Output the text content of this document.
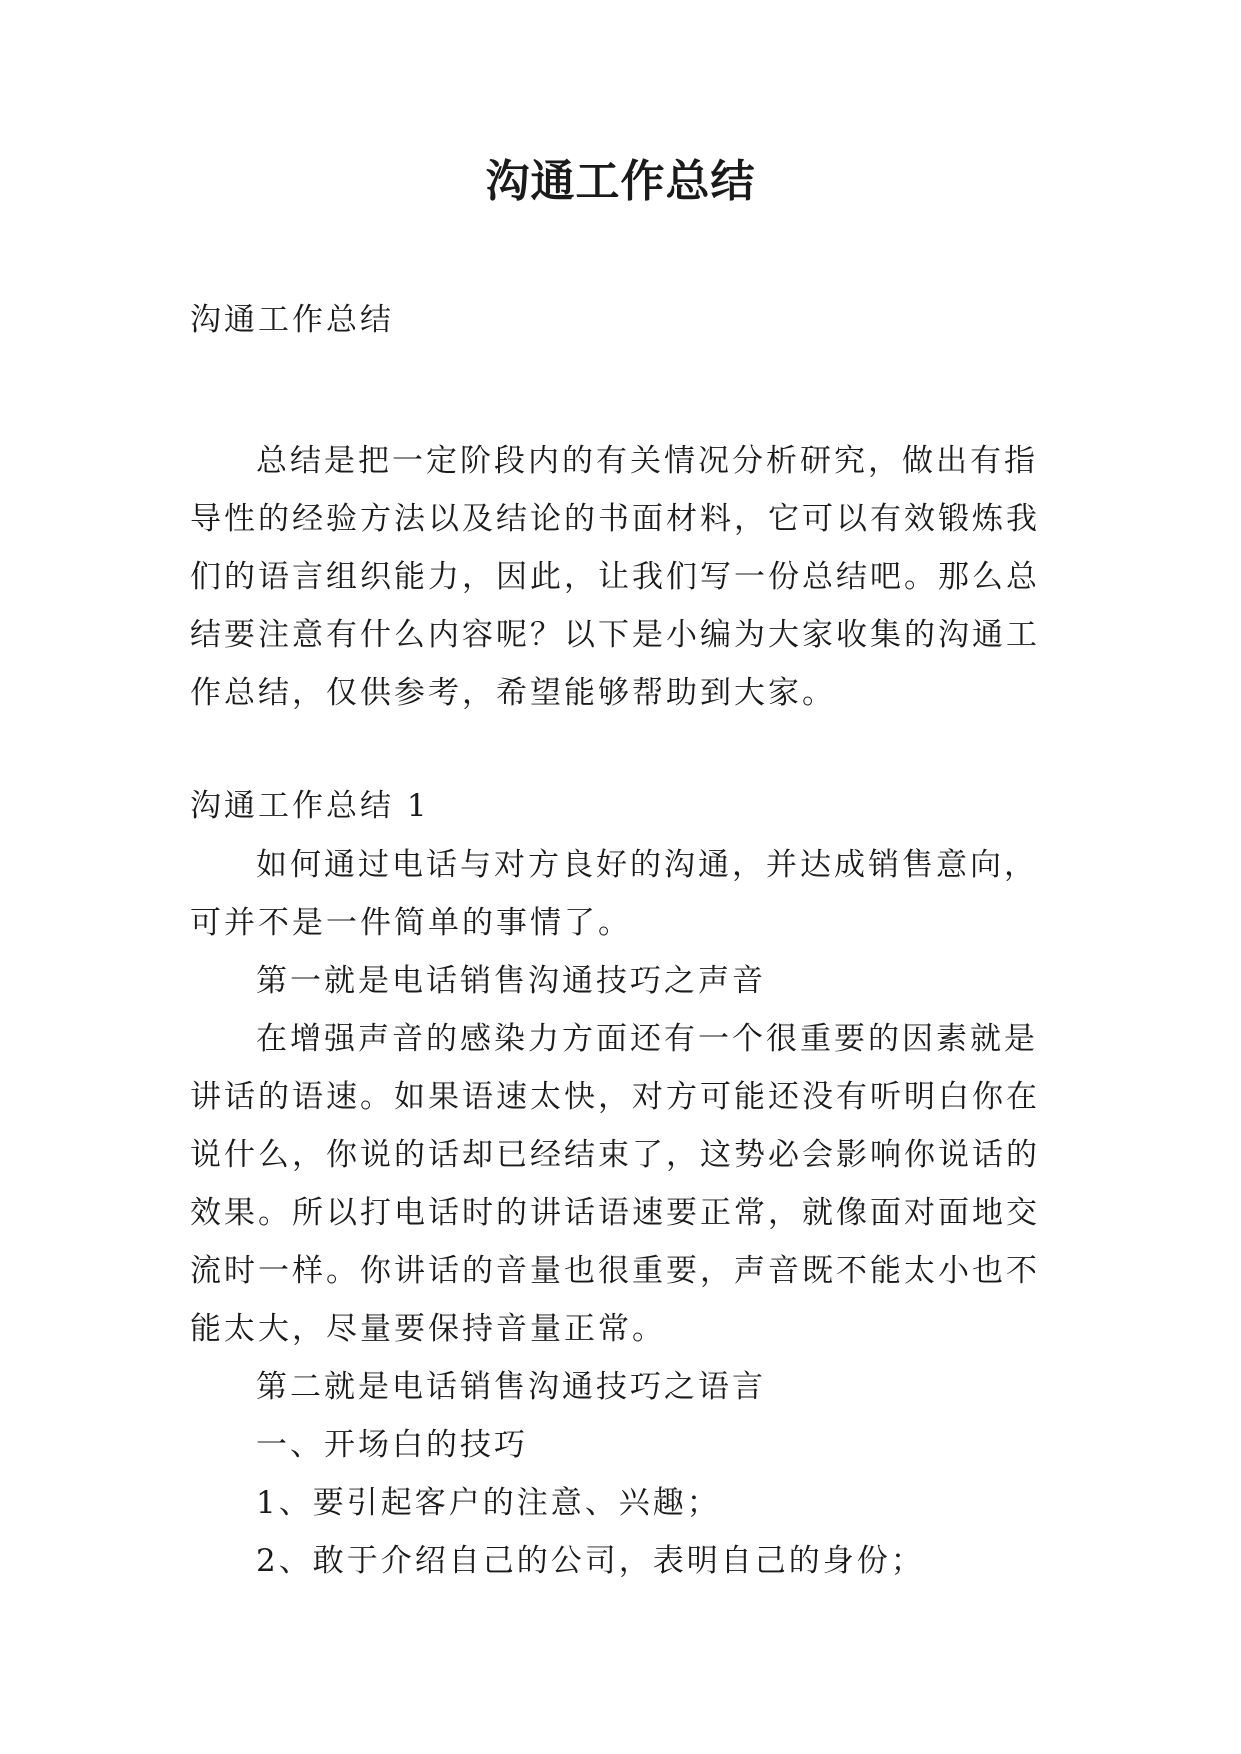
沟通工作总结

沟通工作总结

总结是把一定阶段内的有关情况分析研究，做出有指导性的经验方法以及结论的书面材料，它可以有效锻炼我们的语言组织能力，因此，让我们写一份总结吧。那么总结要注意有什么内容呢？以下是小编为大家收集的沟通工作总结，仅供参考，希望能够帮助到大家。

沟通工作总结 1

如何通过电话与对方良好的沟通，并达成销售意向，可并不是一件简单的事情了。

第一就是电话销售沟通技巧之声音

在增强声音的感染力方面还有一个很重要的因素就是讲话的语速。如果语速太快，对方可能还没有听明白你在说什么，你说的话却已经结束了，这势必会影响你说话的效果。所以打电话时的讲话语速要正常，就像面对面地交流时一样。你讲话的音量也很重要，声音既不能太小也不能太大，尽量要保持音量正常。

第二就是电话销售沟通技巧之语言

一、开场白的技巧

1、要引起客户的注意、兴趣；

2、敢于介绍自己的公司，表明自己的身份；
